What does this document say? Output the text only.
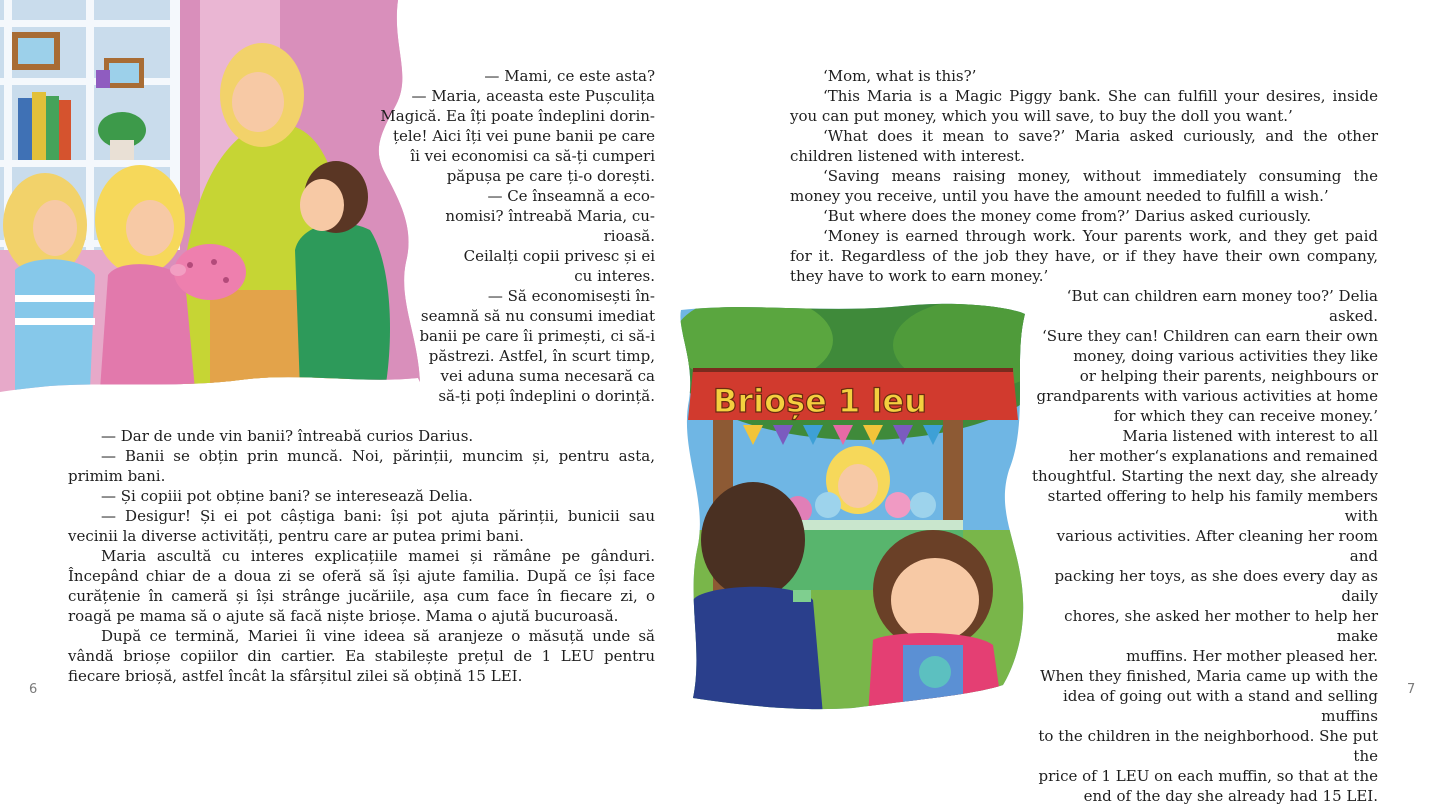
— Mami, ce este asta?

— Maria, aceasta este Pușculița

Magică. Ea îți poate îndeplini dorin-

țele! Aici îți vei pune banii pe care

îi vei economisi ca să-ți cumperi

păpușa pe care ți-o dorești.

— Ce înseamnă a eco-

nomisi? întreabă Maria, cu-

rioasă.

Ceilalți copii privesc și ei

cu interes.

— Să economisești în-

seamnă să nu consumi imediat

banii pe care îi primești, ci să-i

păstrezi. Astfel, în scurt timp,

vei aduna suma necesară ca

să-ți poți îndeplini o dorință.

— Dar de unde vin banii? întreabă curios Darius.

— Banii se obțin prin muncă. Noi, părinții, muncim și, pentru asta, primim bani.

— Și copiii pot obține bani? se interesează Delia.

— Desigur! Și ei pot câștiga bani: își pot ajuta părinții, bunicii sau vecinii la diverse activități, pentru care ar putea primi bani.

Maria ascultă cu interes explicațiile mamei și rămâne pe gânduri. Începând chiar de a doua zi se oferă să își ajute familia. După ce își face curățenie în cameră și își strânge jucăriile, așa cum face în fiecare zi, o roagă pe mama să o ajute să facă niște brioșe. Mama o ajută bucuroasă.

După ce termină, Mariei îi vine ideea să aranjeze o măsuță unde să vândă brioșe copiilor din cartier. Ea stabilește prețul de 1 LEU pentru fiecare brioșă, astfel încât la sfârșitul zilei să obțină 15 LEI.

6

‘Mom, what is this?’

‘This Maria is a Magic Piggy bank. She can fulfill your desires, inside you can put money, which you will save, to buy the doll you want.’

‘What does it mean to save?’ Maria asked curiously, and the other children listened with interest.

‘Saving means raising money, without immediately consuming the money you receive, until you have the amount needed to fulfill a wish.’

‘But where does the money come from?’ Darius asked curiously.

‘Money is earned through work. Your parents work, and they get paid for it. Regardless of the job they have, or if they have their own company, they have to work to earn money.’

Brioșe 1 leu

‘But can children earn money too?’ Delia asked.

‘Sure they can! Children can earn their own

money, doing various activities they like

or helping their parents, neighbours or

grandparents with various activities at home

for which they can receive money.’

Maria listened with interest to all

her mother‘s explanations and remained

thoughtful. Starting the next day, she already

started offering to help his family members with

various activities. After cleaning her room and

packing her toys, as she does every day as daily

chores, she asked her mother to help her make

muffins. Her mother pleased her.

When they finished, Maria came up with the

idea of going out with a stand and selling muffins

to the children in the neighborhood. She put the

price of 1 LEU on each muffin, so that at the

end of the day she already had 15 LEI.

7
